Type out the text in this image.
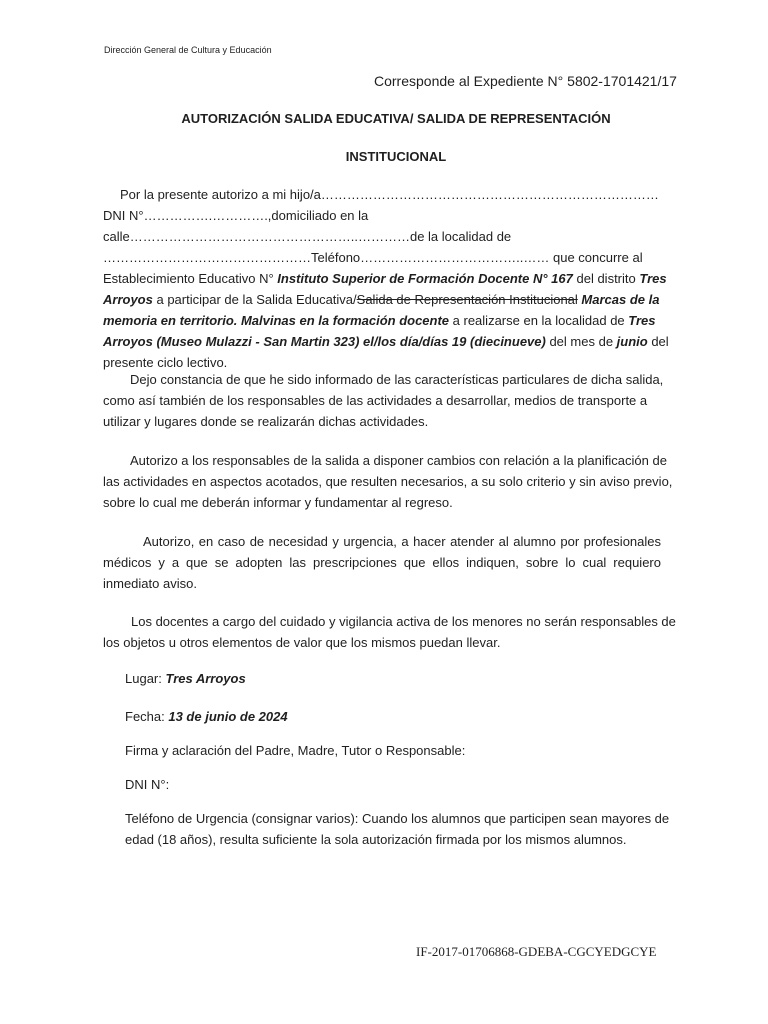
Dirección General de Cultura y Educación
Corresponde al Expediente N° 5802-1701421/17
AUTORIZACIÓN SALIDA EDUCATIVA/ SALIDA DE REPRESENTACIÓN
INSTITUCIONAL
Por la presente autorizo a mi hijo/a……………………………………………………………………
DNI N°…………….………….,domiciliado en la calle……………………………………………..…………de la localidad de …………………………………………Teléfono………………………………..…… que concurre al Establecimiento Educativo N° Instituto Superior de Formación Docente N° 167 del distrito Tres Arroyos a participar de la Salida Educativa/Salida de Representación Institucional Marcas de la memoria en territorio. Malvinas en la formación docente a realizarse en la localidad de Tres Arroyos (Museo Mulazzi - San Martin 323) el/los día/días 19 (diecinueve) del mes de junio del presente ciclo lectivo.
Dejo constancia de que he sido informado de las características particulares de dicha salida, como así también de los responsables de las actividades a desarrollar, medios de transporte a utilizar y lugares donde se realizarán dichas actividades.
Autorizo a los responsables de la salida a disponer cambios con relación a la planificación de las actividades en aspectos acotados, que resulten necesarios, a su solo criterio y sin aviso previo, sobre lo cual me deberán informar y fundamentar al regreso.
Autorizo, en caso de necesidad y urgencia, a hacer atender al alumno por profesionales médicos y a que se adopten las prescripciones que ellos indiquen, sobre lo cual requiero inmediato aviso.
Los docentes a cargo del cuidado y vigilancia activa de los menores no serán responsables de los objetos u otros elementos de valor que los mismos puedan llevar.
Lugar: Tres Arroyos
Fecha: 13 de junio de 2024
Firma y aclaración del Padre, Madre, Tutor o Responsable:
DNI N°:
Teléfono de Urgencia (consignar varios): Cuando los alumnos que participen sean mayores de edad (18 años), resulta suficiente la sola autorización firmada por los mismos alumnos.
IF-2017-01706868-GDEBA-CGCYEDGCYE
